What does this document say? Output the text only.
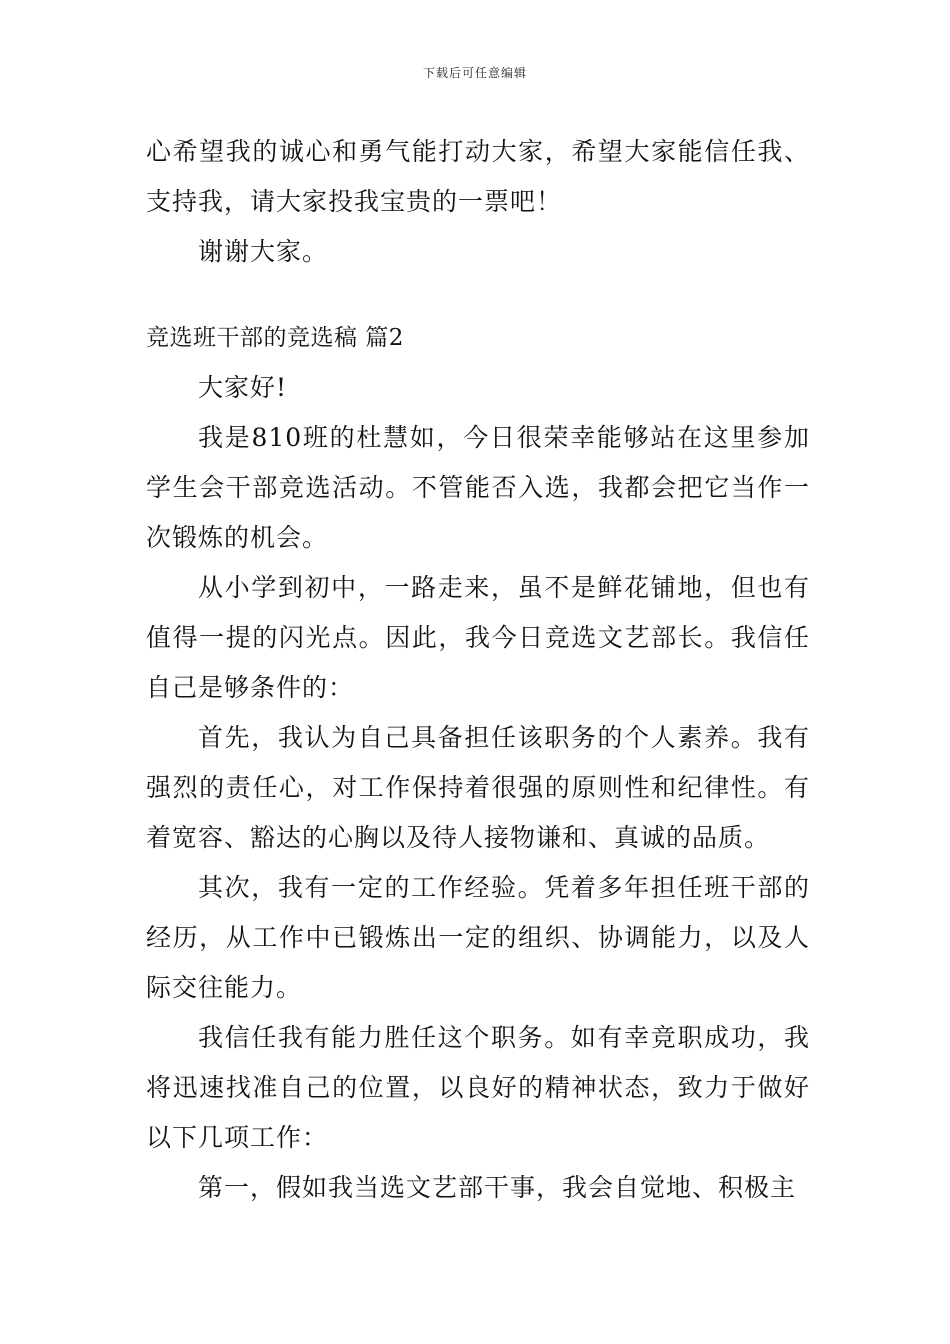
下载后可任意编辑

心希望我的诚心和勇气能打动大家，希望大家能信任我、支持我，请大家投我宝贵的一票吧！

谢谢大家。

竞选班干部的竞选稿 篇2

大家好!

我是810班的杜慧如，今日很荣幸能够站在这里参加学生会干部竞选活动。不管能否入选，我都会把它当作一次锻炼的机会。

从小学到初中，一路走来，虽不是鲜花铺地，但也有值得一提的闪光点。因此，我今日竞选文艺部长。我信任自己是够条件的：

首先，我认为自己具备担任该职务的个人素养。我有强烈的责任心，对工作保持着很强的原则性和纪律性。有着宽容、豁达的心胸以及待人接物谦和、真诚的品质。

其次，我有一定的工作经验。凭着多年担任班干部的经历，从工作中已锻炼出一定的组织、协调能力，以及人际交往能力。

我信任我有能力胜任这个职务。如有幸竞职成功，我将迅速找准自己的位置，以良好的精神状态，致力于做好以下几项工作：

第一，假如我当选文艺部干事，我会自觉地、积极主
